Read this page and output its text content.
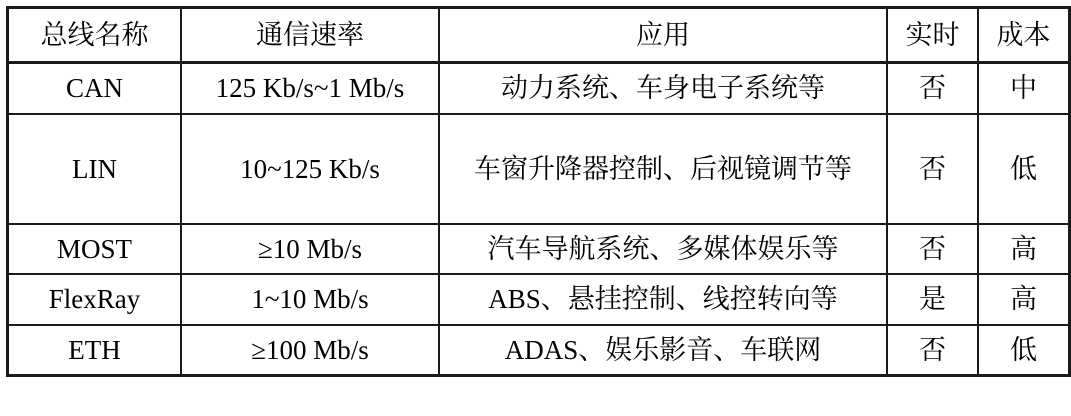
总线名称	通信速率	应用	实时	成本
CAN	125 Kb/s~1 Mb/s	动力系统、车身电子系统等	否	中
LIN	10~125 Kb/s	车窗升降器控制、后视镜调节等	否	低
MOST	≥10 Mb/s	汽车导航系统、多媒体娱乐等	否	高
FlexRay	1~10 Mb/s	ABS、悬挂控制、线控转向等	是	高
ETH	≥100 Mb/s	ADAS、娱乐影音、车联网	否	低
